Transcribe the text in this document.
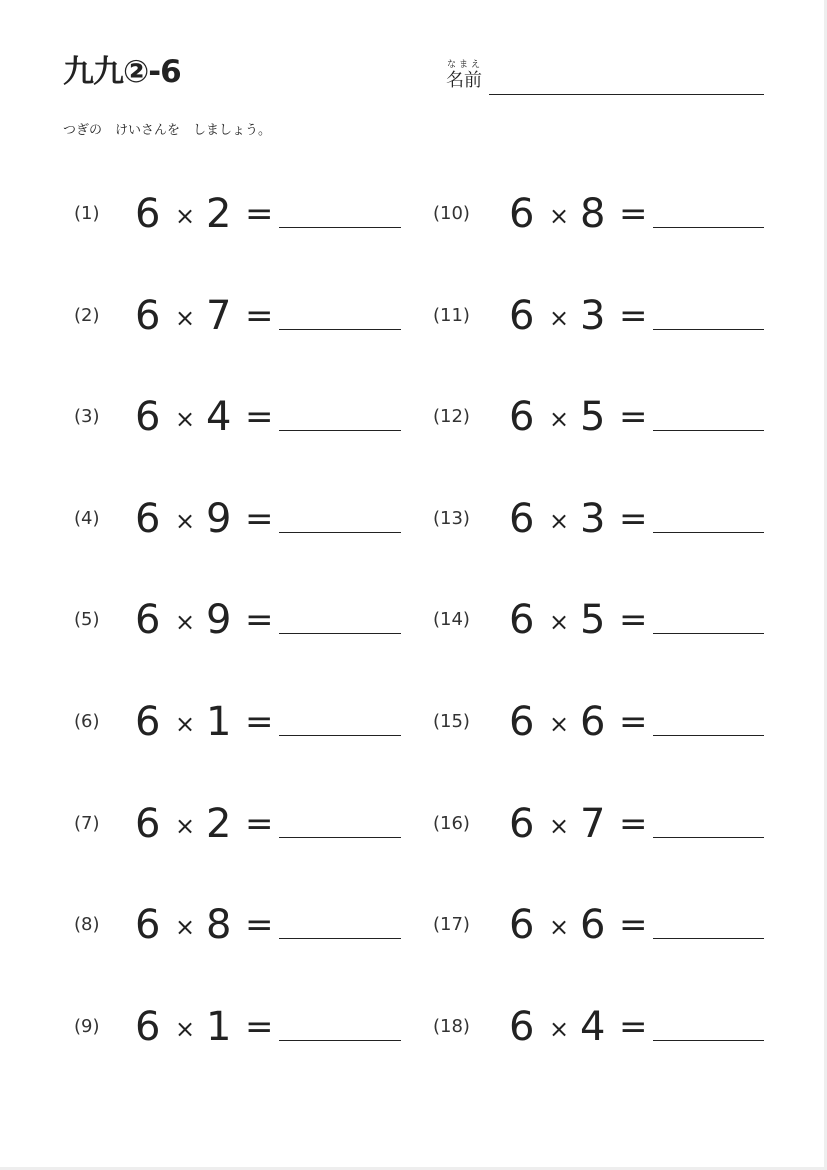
九九②-6	なまえ
名前
つぎの　けいさんを　しましょう。
(1) 6 × 2 =
(2) 6 × 7 =
(3) 6 × 4 =
(4) 6 × 9 =
(5) 6 × 9 =
(6) 6 × 1 =
(7) 6 × 2 =
(8) 6 × 8 =
(9) 6 × 1 =
(10) 6 × 8 =
(11) 6 × 3 =
(12) 6 × 5 =
(13) 6 × 3 =
(14) 6 × 5 =
(15) 6 × 6 =
(16) 6 × 7 =
(17) 6 × 6 =
(18) 6 × 4 =
